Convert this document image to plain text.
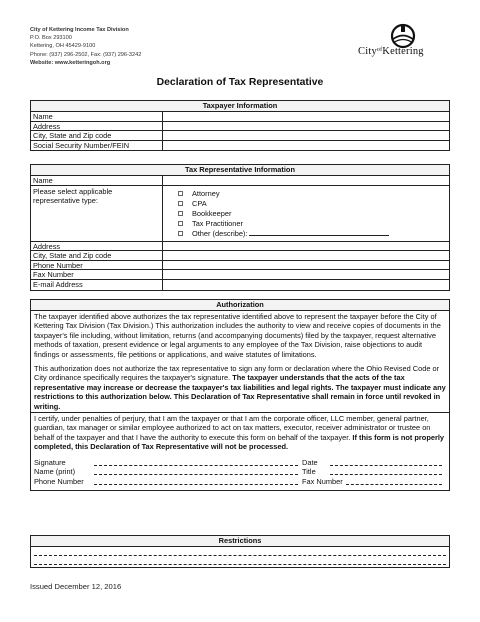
City of Kettering Income Tax Division
P.O. Box 293100
Kettering, OH 45429-9100
Phone: (937) 296-2502, Fax: (937) 296-3242
Website: www.ketteringoh.org
City$^{of}$Kettering
Declaration of Tax Representative
Taxpayer Information
Name
Address
City, State and Zip code
Social Security Number/FEIN
Tax Representative Information
Name
Please select applicable representative type:
Attorney
CPA
Bookkeeper
Tax Practitioner
Other (describe):
Address
City, State and Zip code
Phone Number
Fax Number
E-mail Address
Authorization

The taxpayer identified above authorizes the tax representative identified above to represent the taxpayer before the City of Kettering Tax Division (Tax Division.) This authorization includes the authority to view and receive copies of documents in the taxpayer's file including, without limitation, returns (and accompanying documents) filed by the taxpayer, request alternative methods of taxation, present evidence or legal arguments to any employee of the Tax Division, raise objections to audit findings or assessments, file petitions or applications, and waive statutes of limitations.

This authorization does not authorize the tax representative to sign any form or declaration where the Ohio Revised Code or City ordinance specifically requires the taxpayer's signature. The taxpayer understands that the acts of the tax representative may increase or decrease the taxpayer's tax liabilities and legal rights. The taxpayer must indicate any restrictions to this authorization below. This Declaration of Tax Representative shall remain in force until revoked in writing.

I certify, under penalties of perjury, that I am the taxpayer or that I am the corporate officer, LLC member, general partner, guardian, tax manager or similar employee authorized to act on tax matters, executor, receiver administrator or trustee on behalf of the taxpayer and that I have the authority to execute this form on behalf of the taxpayer. If this form is not properly completed, this Declaration of Tax Representative will not be processed.

Signature	Date
Name (print)	Title
Phone Number	Fax Number
Restrictions
Issued December 12, 2016
